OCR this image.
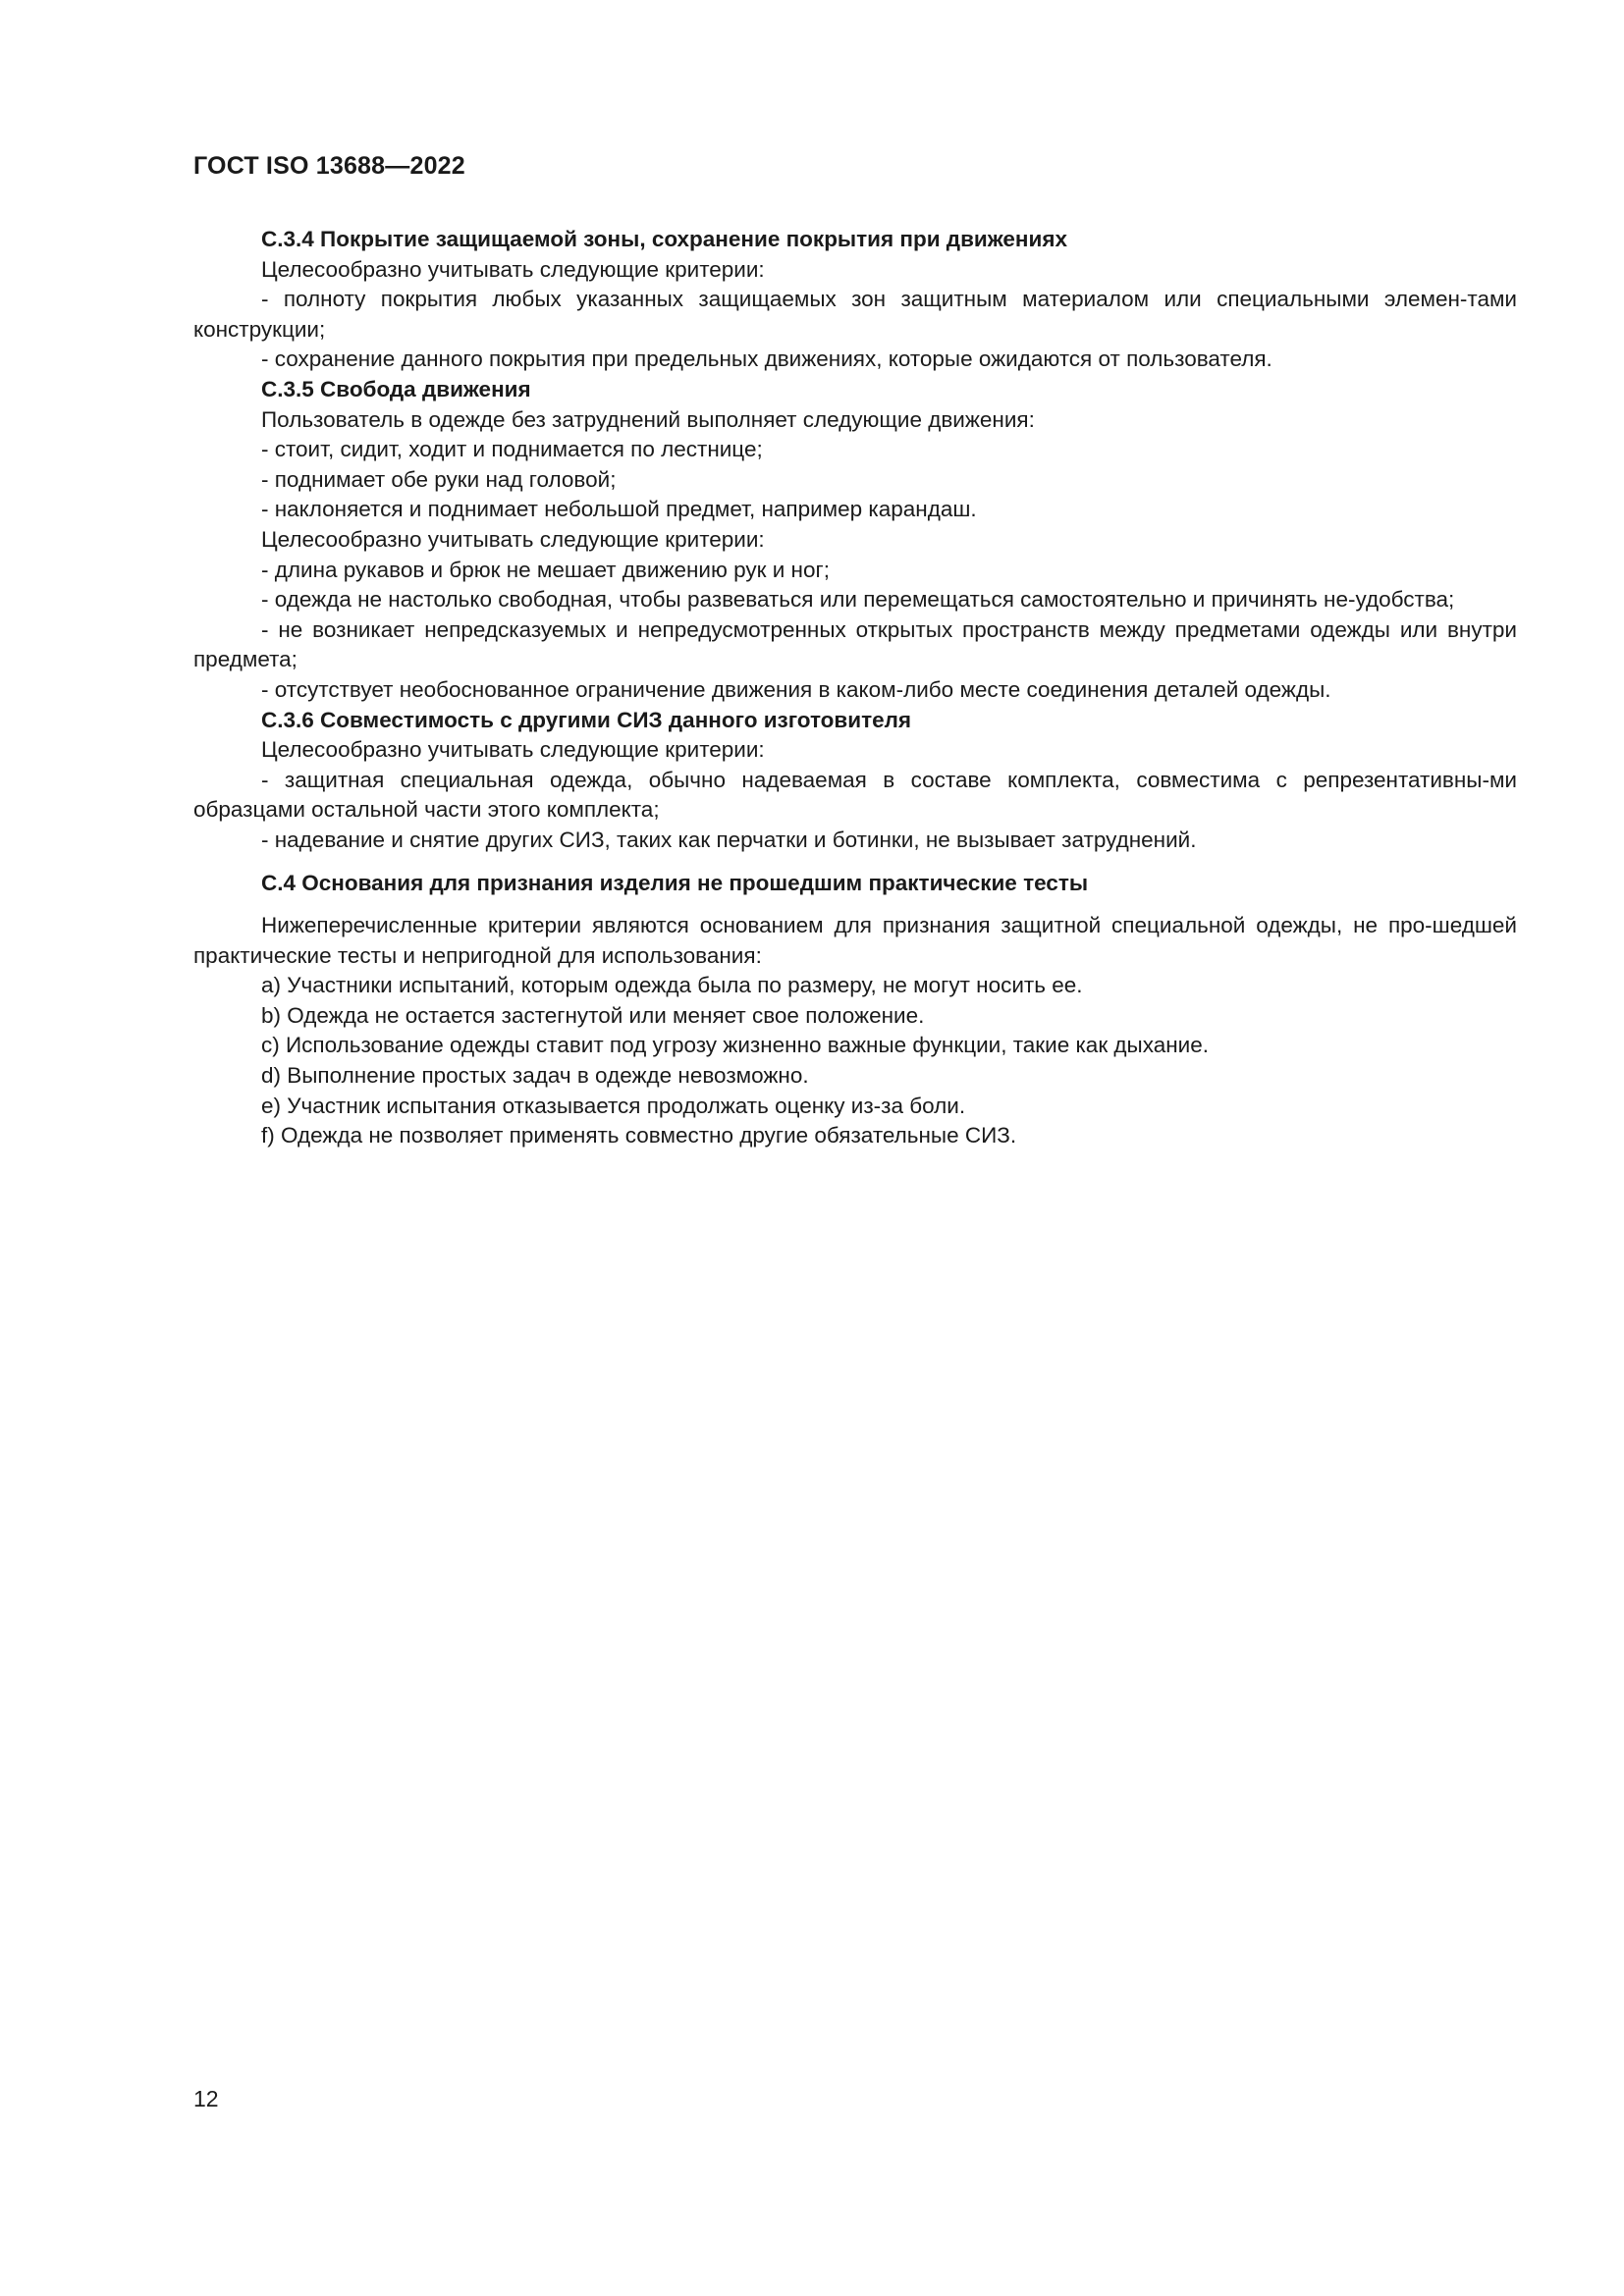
ГОСТ ISO 13688—2022

С.3.4 Покрытие защищаемой зоны, сохранение покрытия при движениях

Целесообразно учитывать следующие критерии:

- полноту покрытия любых указанных защищаемых зон защитным материалом или специальными элемен-тами конструкции;

- сохранение данного покрытия при предельных движениях, которые ожидаются от пользователя.

С.3.5 Свобода движения

Пользователь в одежде без затруднений выполняет следующие движения:

- стоит, сидит, ходит и поднимается по лестнице;

- поднимает обе руки над головой;

- наклоняется и поднимает небольшой предмет, например карандаш.

Целесообразно учитывать следующие критерии:

- длина рукавов и брюк не мешает движению рук и ног;

- одежда не настолько свободная, чтобы развеваться или перемещаться самостоятельно и причинять не-удобства;

- не возникает непредсказуемых и непредусмотренных открытых пространств между предметами одежды или внутри предмета;

- отсутствует необоснованное ограничение движения в каком-либо месте соединения деталей одежды.

С.3.6 Совместимость с другими СИЗ данного изготовителя

Целесообразно учитывать следующие критерии:

- защитная специальная одежда, обычно надеваемая в составе комплекта, совместима с репрезентативны-ми образцами остальной части этого комплекта;

- надевание и снятие других СИЗ, таких как перчатки и ботинки, не вызывает затруднений.

С.4 Основания для признания изделия не прошедшим практические тесты

Нижеперечисленные критерии являются основанием для признания защитной специальной одежды, не про-шедшей практические тесты и непригодной для использования:

a) Участники испытаний, которым одежда была по размеру, не могут носить ее.

b) Одежда не остается застегнутой или меняет свое положение.

c) Использование одежды ставит под угрозу жизненно важные функции, такие как дыхание.

d) Выполнение простых задач в одежде невозможно.

e) Участник испытания отказывается продолжать оценку из-за боли.

f) Одежда не позволяет применять совместно другие обязательные СИЗ.

12
